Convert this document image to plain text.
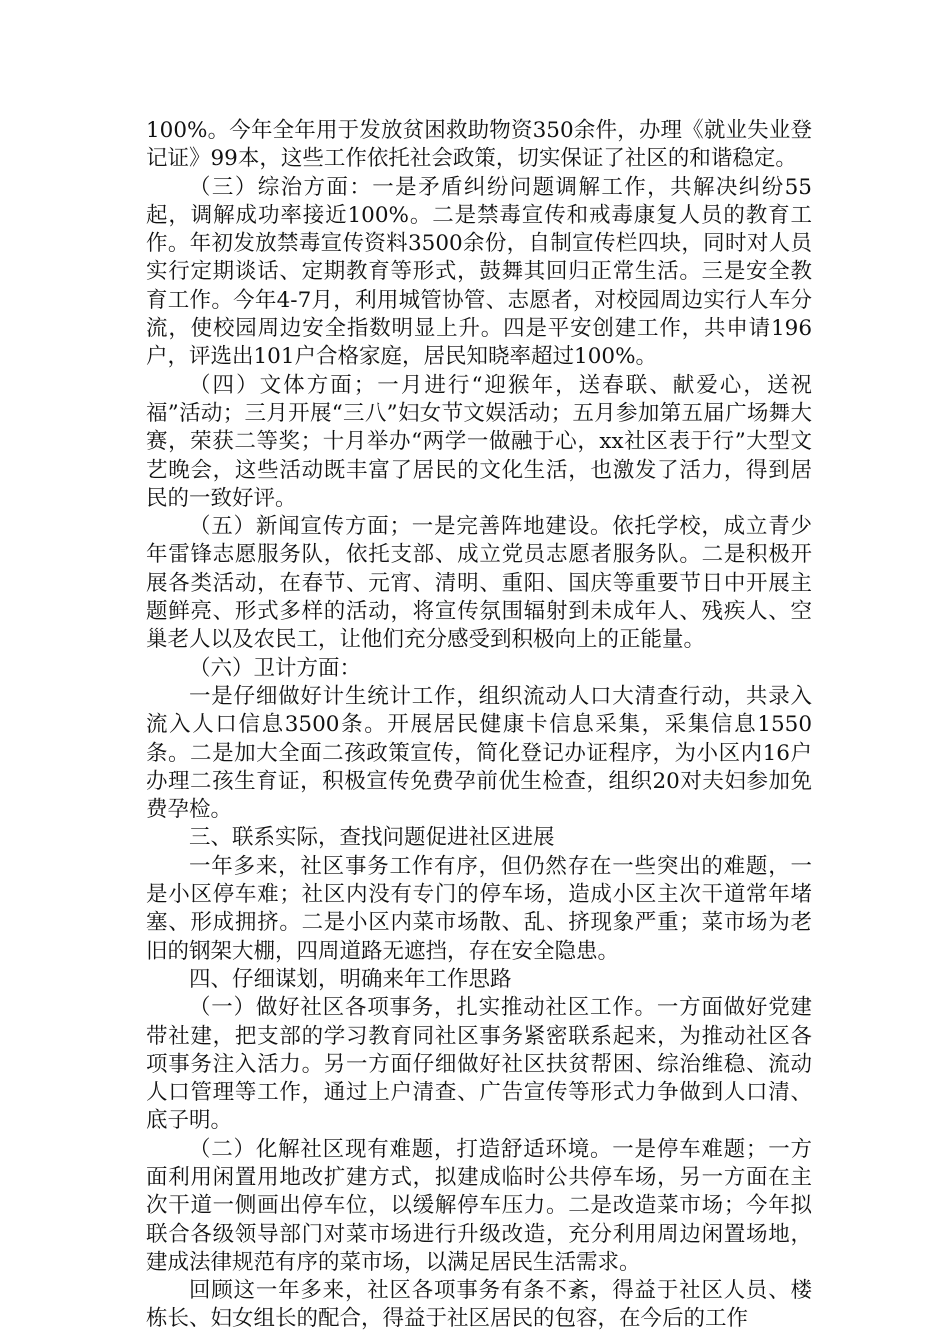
100%。今年全年用于发放贫困救助物资350余件，办理《就业失业登记证》99本，这些工作依托社会政策，切实保证了社区的和谐稳定。

（三）综治方面：一是矛盾纠纷问题调解工作，共解决纠纷55起，调解成功率接近100%。二是禁毒宣传和戒毒康复人员的教育工作。年初发放禁毒宣传资料3500余份，自制宣传栏四块，同时对人员实行定期谈话、定期教育等形式，鼓舞其回归正常生活。三是安全教育工作。今年4-7月，利用城管协管、志愿者，对校园周边实行人车分流，使校园周边安全指数明显上升。四是平安创建工作，共申请196户，评选出101户合格家庭，居民知晓率超过100%。

（四）文体方面；一月进行“迎猴年，送春联、献爱心，送祝福”活动；三月开展“三八”妇女节文娱活动；五月参加第五届广场舞大赛，荣获二等奖；十月举办“两学一做融于心，xx社区表于行”大型文艺晚会，这些活动既丰富了居民的文化生活，也激发了活力，得到居民的一致好评。

（五）新闻宣传方面；一是完善阵地建设。依托学校，成立青少年雷锋志愿服务队，依托支部、成立党员志愿者服务队。二是积极开展各类活动，在春节、元宵、清明、重阳、国庆等重要节日中开展主题鲜亮、形式多样的活动，将宣传氛围辐射到未成年人、残疾人、空巢老人以及农民工，让他们充分感受到积极向上的正能量。

（六）卫计方面：

一是仔细做好计生统计工作，组织流动人口大清查行动，共录入流入人口信息3500条。开展居民健康卡信息采集，采集信息1550条。二是加大全面二孩政策宣传，简化登记办证程序，为小区内16户办理二孩生育证，积极宣传免费孕前优生检查，组织20对夫妇参加免费孕检。

三、联系实际，查找问题促进社区进展

一年多来，社区事务工作有序，但仍然存在一些突出的难题，一是小区停车难；社区内没有专门的停车场，造成小区主次干道常年堵塞、形成拥挤。二是小区内菜市场散、乱、挤现象严重；菜市场为老旧的钢架大棚，四周道路无遮挡，存在安全隐患。

四、仔细谋划，明确来年工作思路

（一）做好社区各项事务，扎实推动社区工作。一方面做好党建带社建，把支部的学习教育同社区事务紧密联系起来，为推动社区各项事务注入活力。另一方面仔细做好社区扶贫帮困、综治维稳、流动人口管理等工作，通过上户清查、广告宣传等形式力争做到人口清、底子明。

（二）化解社区现有难题，打造舒适环境。一是停车难题；一方面利用闲置用地改扩建方式，拟建成临时公共停车场，另一方面在主次干道一侧画出停车位，以缓解停车压力。二是改造菜市场；今年拟联合各级领导部门对菜市场进行升级改造，充分利用周边闲置场地，建成法律规范有序的菜市场，以满足居民生活需求。

回顾这一年多来，社区各项事务有条不紊，得益于社区人员、楼栋长、妇女组长的配合，得益于社区居民的包容，在今后的工作
